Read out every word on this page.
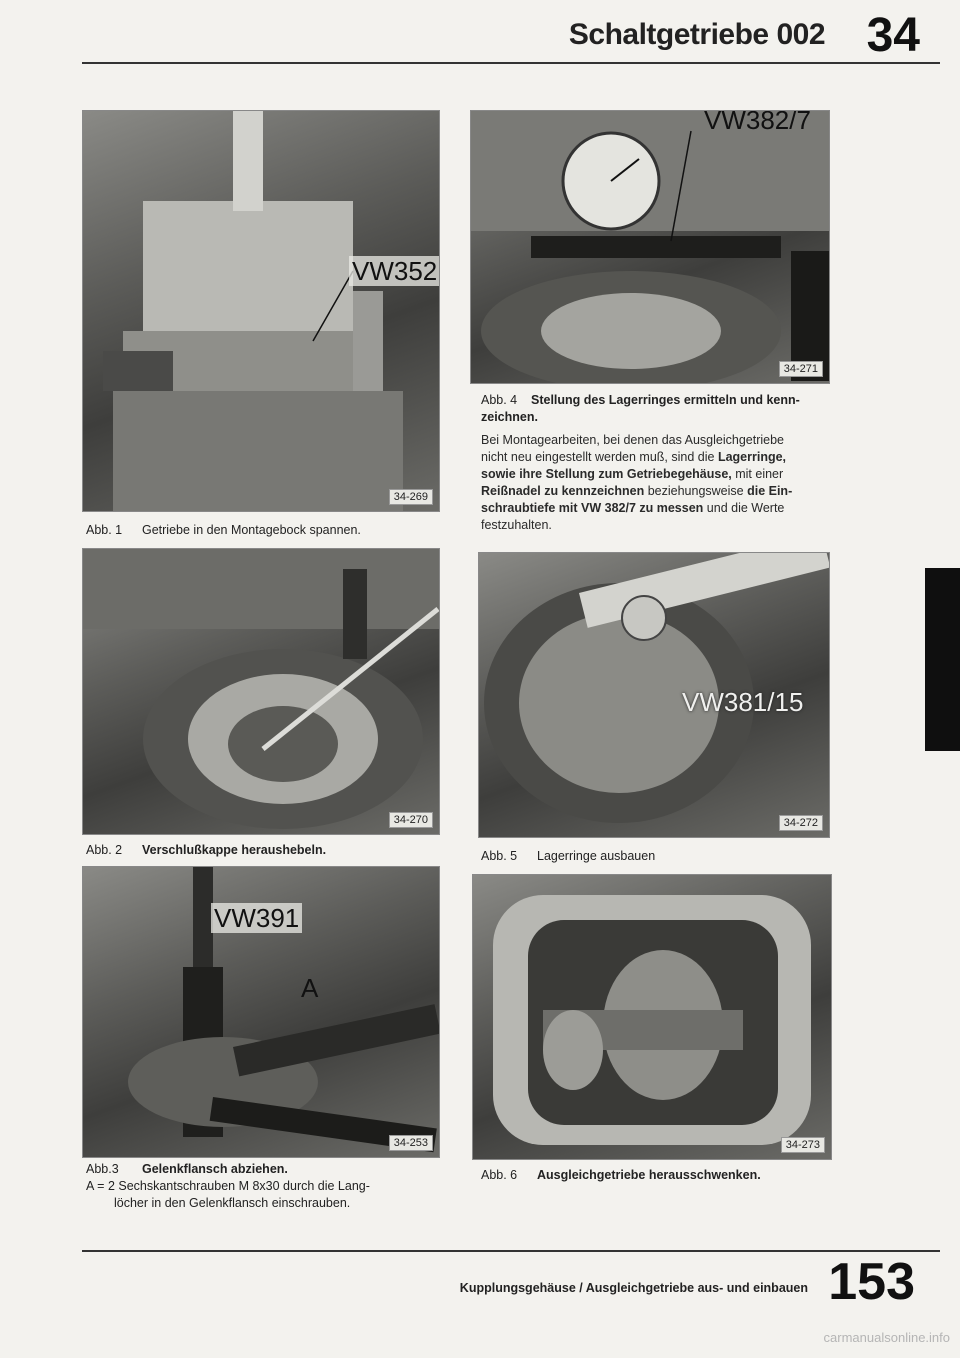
Schaltgetriebe 002 34
VW352
34-269
Abb. 1 Getriebe in den Montagebock spannen.
34-270
Abb. 2 Verschlußkappe heraushebeln.
VW391
A
34-253
Abb.3 Gelenkflansch abziehen.
A = 2 Sechskantschrauben M 8x30 durch die Lang-
löcher in den Gelenkflansch einschrauben.
VW382/7
34-271
Abb. 4 Stellung des Lagerringes ermitteln und kenn-
zeichnen.
Bei Montagearbeiten, bei denen das Ausgleichgetriebe
nicht neu eingestellt werden muß, sind die Lagerringe,
sowie ihre Stellung zum Getriebegehäuse, mit einer
Reißnadel zu kennzeichnen beziehungsweise die Ein-
schraubtiefe mit VW 382/7 zu messen und die Werte
festzuhalten.
VW381/15
34-272
Abb. 5 Lagerringe ausbauen
34-273
Abb. 6 Ausgleichgetriebe herausschwenken.
Kupplungsgehäuse / Ausgleichgetriebe aus- und einbauen 153
carmanualsonline.info
